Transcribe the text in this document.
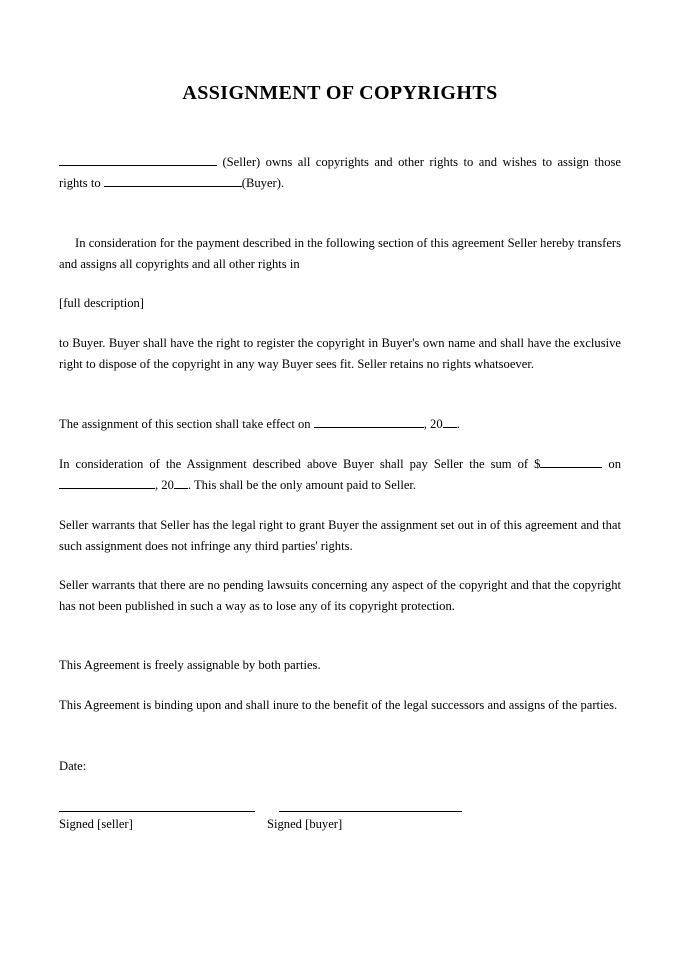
ASSIGNMENT OF COPYRIGHTS
(Seller) owns all copyrights and other rights to and wishes to assign those rights to	(Buyer).
In consideration for the payment described in the following section of this agreement Seller hereby transfers and assigns all copyrights and all other rights in
[full description]
to Buyer. Buyer shall have the right to register the copyright in Buyer's own name and shall have the exclusive right to dispose of the copyright in any way Buyer sees fit. Seller retains no rights whatsoever.
The assignment of this section shall take effect on	, 20 .
In consideration of the Assignment described above Buyer shall pay Seller the sum of $	on , 20 . This shall be the only amount paid to Seller.
Seller warrants that Seller has the legal right to grant Buyer the assignment set out in of this agreement and that such assignment does not infringe any third parties' rights.
Seller warrants that there are no pending lawsuits concerning any aspect of the copyright and that the copyright has not been published in such a way as to lose any of its copyright protection.
This Agreement is freely assignable by both parties.
This Agreement is binding upon and shall inure to the benefit of the legal successors and assigns of the parties.
Date:
Signed [seller]	Signed [buyer]
